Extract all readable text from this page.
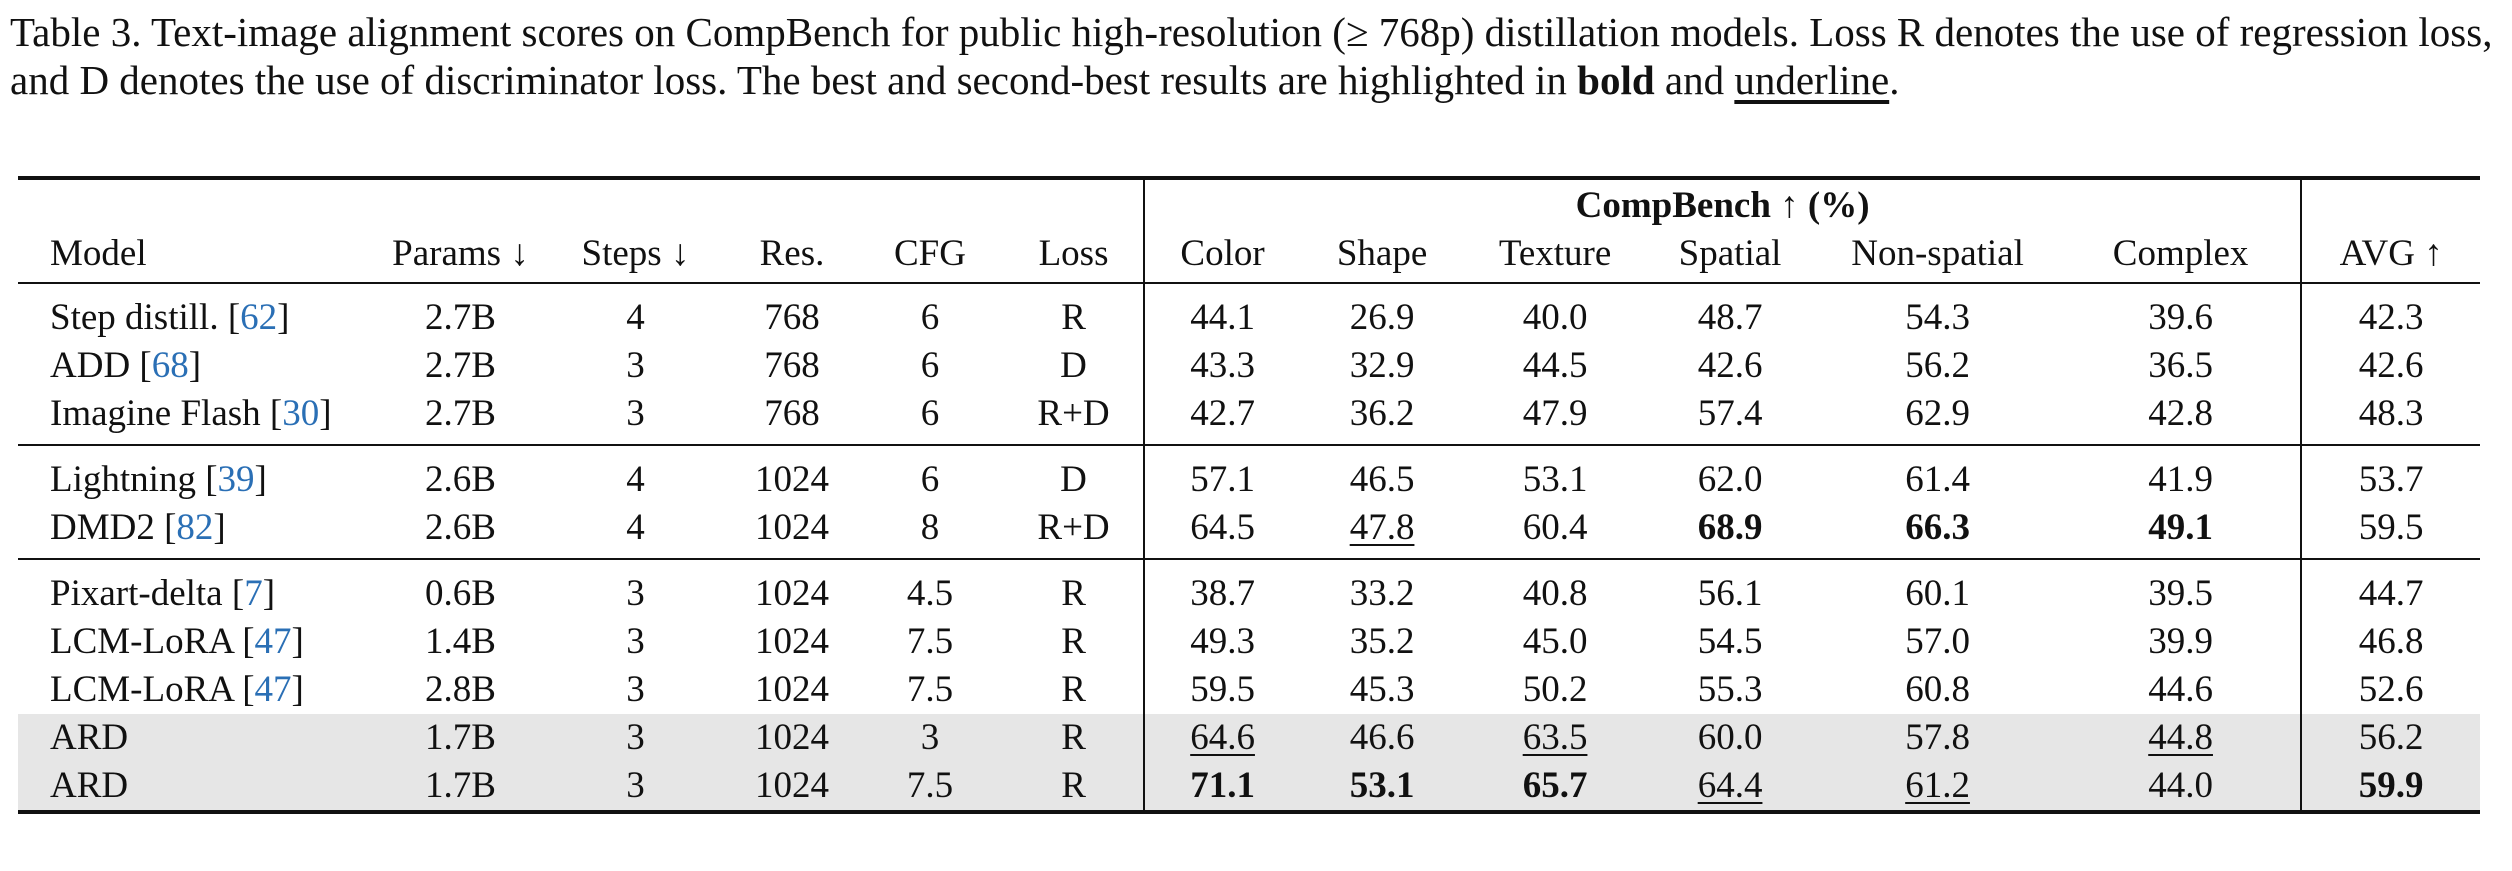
Table 3. Text-image alignment scores on CompBench for public high-resolution (≥ 768p) distillation models. Loss R denotes the use of regression loss, and D denotes the use of discriminator loss. The best and second-best results are highlighted in bold and underline.
						CompBench ↑ (%)						
Model	Params ↓	Steps ↓	Res.	CFG	Loss	Color	Shape	Texture	Spatial	Non-spatial	Complex	AVG ↑
Step distill. [62]	2.7B	4	768	6	R	44.1	26.9	40.0	48.7	54.3	39.6	42.3
ADD [68]	2.7B	3	768	6	D	43.3	32.9	44.5	42.6	56.2	36.5	42.6
Imagine Flash [30]	2.7B	3	768	6	R+D	42.7	36.2	47.9	57.4	62.9	42.8	48.3
Lightning [39]	2.6B	4	1024	6	D	57.1	46.5	53.1	62.0	61.4	41.9	53.7
DMD2 [82]	2.6B	4	1024	8	R+D	64.5	47.8	60.4	68.9	66.3	49.1	59.5
Pixart-delta [7]	0.6B	3	1024	4.5	R	38.7	33.2	40.8	56.1	60.1	39.5	44.7
LCM-LoRA [47]	1.4B	3	1024	7.5	R	49.3	35.2	45.0	54.5	57.0	39.9	46.8
LCM-LoRA [47]	2.8B	3	1024	7.5	R	59.5	45.3	50.2	55.3	60.8	44.6	52.6
ARD	1.7B	3	1024	3	R	64.6	46.6	63.5	60.0	57.8	44.8	56.2
ARD	1.7B	3	1024	7.5	R	71.1	53.1	65.7	64.4	61.2	44.0	59.9
